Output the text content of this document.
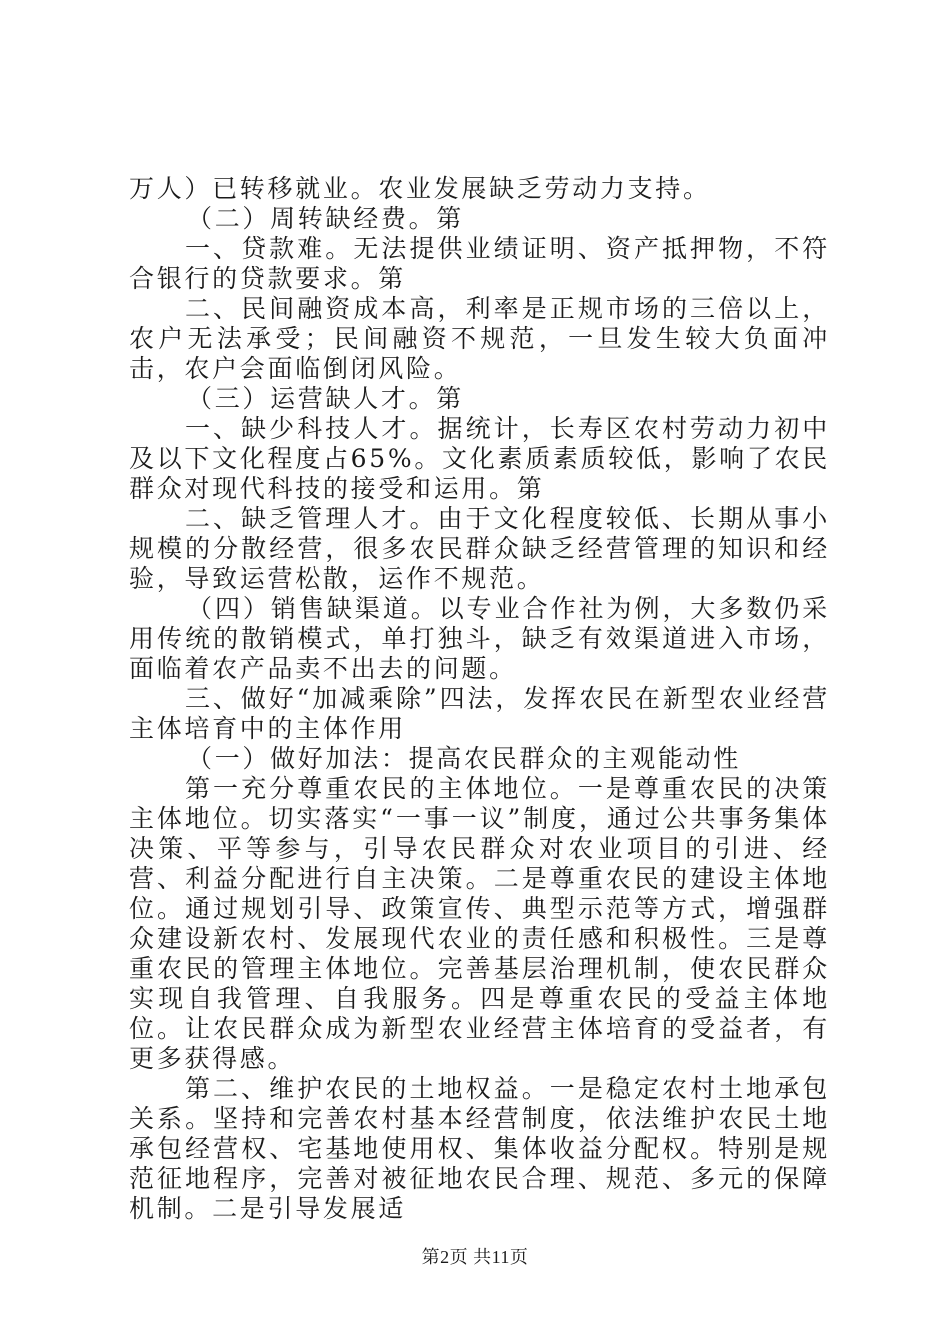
万人）已转移就业。农业发展缺乏劳动力支持。

（二）周转缺经费。第

一、贷款难。无法提供业绩证明、资产抵押物，不符合银行的贷款要求。第

二、民间融资成本高，利率是正规市场的三倍以上，农户无法承受；民间融资不规范，一旦发生较大负面冲击，农户会面临倒闭风险。

（三）运营缺人才。第

一、缺少科技人才。据统计，长寿区农村劳动力初中及以下文化程度占65%。文化素质素质较低，影响了农民群众对现代科技的接受和运用。第

二、缺乏管理人才。由于文化程度较低、长期从事小规模的分散经营，很多农民群众缺乏经营管理的知识和经验，导致运营松散，运作不规范。

（四）销售缺渠道。以专业合作社为例，大多数仍采用传统的散销模式，单打独斗，缺乏有效渠道进入市场，面临着农产品卖不出去的问题。

三、做好“加减乘除”四法，发挥农民在新型农业经营主体培育中的主体作用

（一）做好加法：提高农民群众的主观能动性

第一充分尊重农民的主体地位。一是尊重农民的决策主体地位。切实落实“一事一议”制度，通过公共事务集体决策、平等参与，引导农民群众对农业项目的引进、经营、利益分配进行自主决策。二是尊重农民的建设主体地位。通过规划引导、政策宣传、典型示范等方式，增强群众建设新农村、发展现代农业的责任感和积极性。三是尊重农民的管理主体地位。完善基层治理机制，使农民群众实现自我管理、自我服务。四是尊重农民的受益主体地位。让农民群众成为新型农业经营主体培育的受益者，有更多获得感。

第二、维护农民的土地权益。一是稳定农村土地承包关系。坚持和完善农村基本经营制度，依法维护农民土地承包经营权、宅基地使用权、集体收益分配权。特别是规范征地程序，完善对被征地农民合理、规范、多元的保障机制。二是引导发展适

第2页 共11页
